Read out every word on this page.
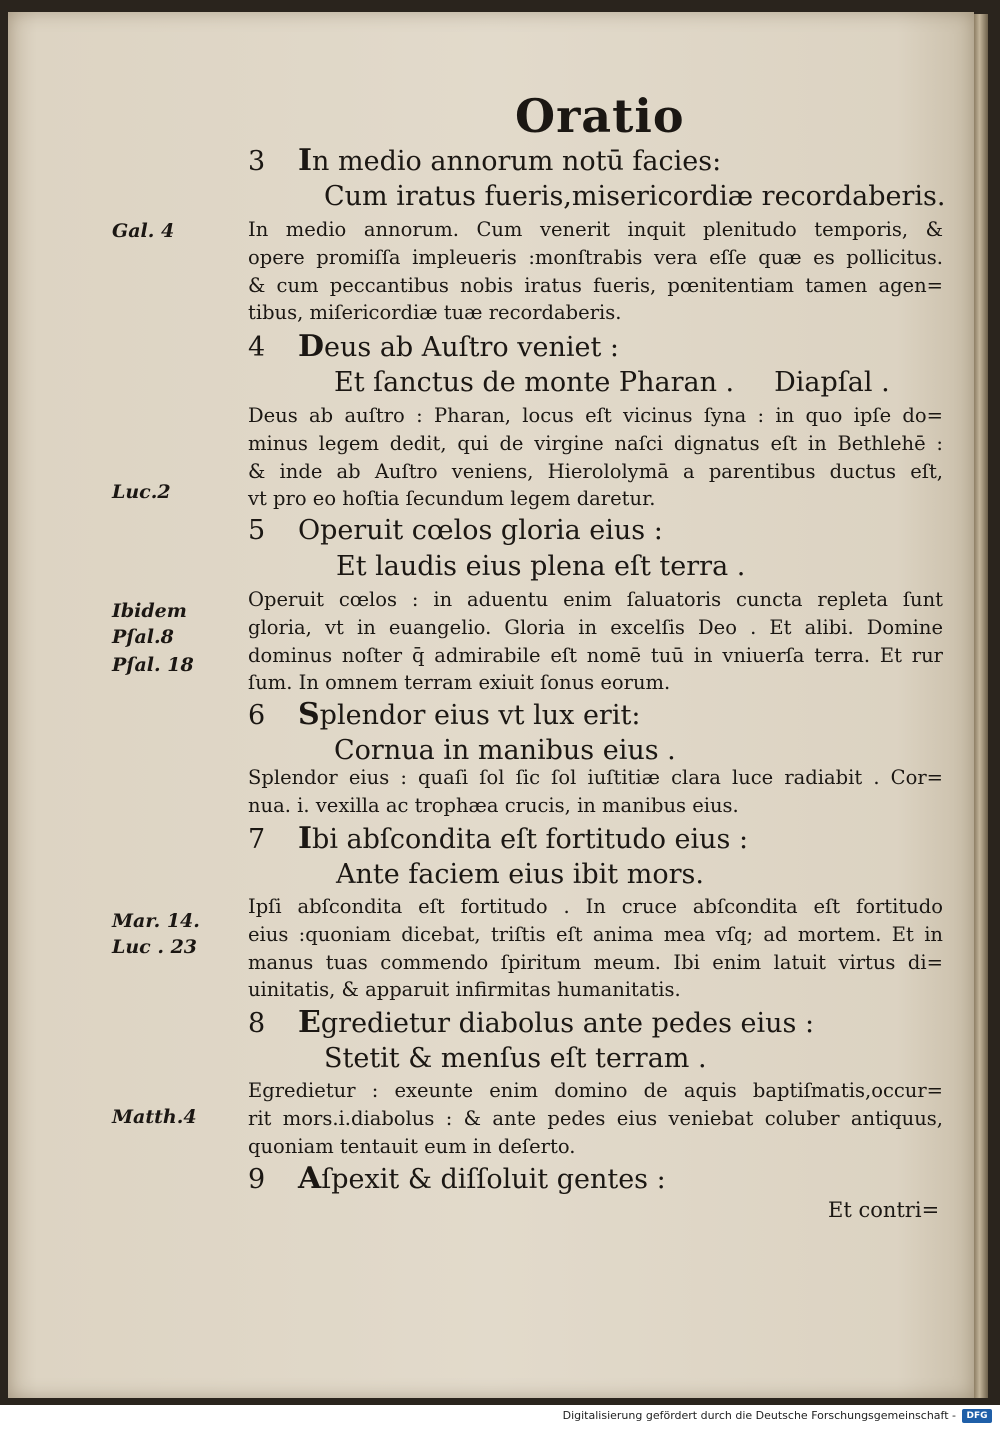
Oratio
3 In medio annorum notū facies:
Cum iratus fueris,misericordiæ recordaberis.
In medio annorum. Cum venerit inquit plenitudo temporis, &
opere promiſſa impleueris :monſtrabis vera eſſe quæ es pollicitus.
& cum peccantibus nobis iratus fueris, pœnitentiam tamen agen=
tibus, miſericordiæ tuæ recordaberis.
4 Deus ab Auſtro veniet :
Et ſanctus de monte Pharan . Diapſal .
Deus ab auſtro : Pharan, locus eſt vicinus ſyna : in quo ipſe do=
minus legem dedit, qui de virgine naſci dignatus eſt in Bethlehē :
& inde ab Auſtro veniens, Hierololymā a parentibus ductus eſt,
vt pro eo hoſtia ſecundum legem daretur.
5 Operuit cœlos gloria eius :
Et laudis eius plena eſt terra .
Operuit cœlos : in aduentu enim ſaluatoris cuncta repleta ſunt
gloria, vt in euangelio. Gloria in excelſis Deo . Et alibi. Domine
dominus noſter q̄ admirabile eſt nomē tuū in vniuerſa terra. Et rur
ſum. In omnem terram exiuit ſonus eorum.
6 Splendor eius vt lux erit:
Cornua in manibus eius .
Splendor eius : quaſi ſol ſic ſol iuſtitiæ clara luce radiabit . Cor=
nua. i. vexilla ac trophæa crucis, in manibus eius.
7 Ibi abſcondita eſt fortitudo eius :
Ante faciem eius ibit mors.
Ipſi abſcondita eſt fortitudo . In cruce abſcondita eſt fortitudo
eius :quoniam dicebat, triſtis eſt anima mea vſq; ad mortem. Et in
manus tuas commendo ſpiritum meum. Ibi enim latuit virtus di=
uinitatis, & apparuit infirmitas humanitatis.
8 Egredietur diabolus ante pedes eius :
Stetit & menſus eſt terram .
Egredietur : exeunte enim domino de aquis baptiſmatis,occur=
rit mors.i.diabolus : & ante pedes eius veniebat coluber antiquus,
quoniam tentauit eum in deſerto.
9 Aſpexit & diſſoluit gentes :
Et contri=
Gal. 4
Luc.2
Ibidem
Pſal.8
Pſal. 18
Mar. 14.
Luc . 23
Matth.4
Digitalisierung gefördert durch die Deutsche Forschungsgemeinschaft -	DFG
